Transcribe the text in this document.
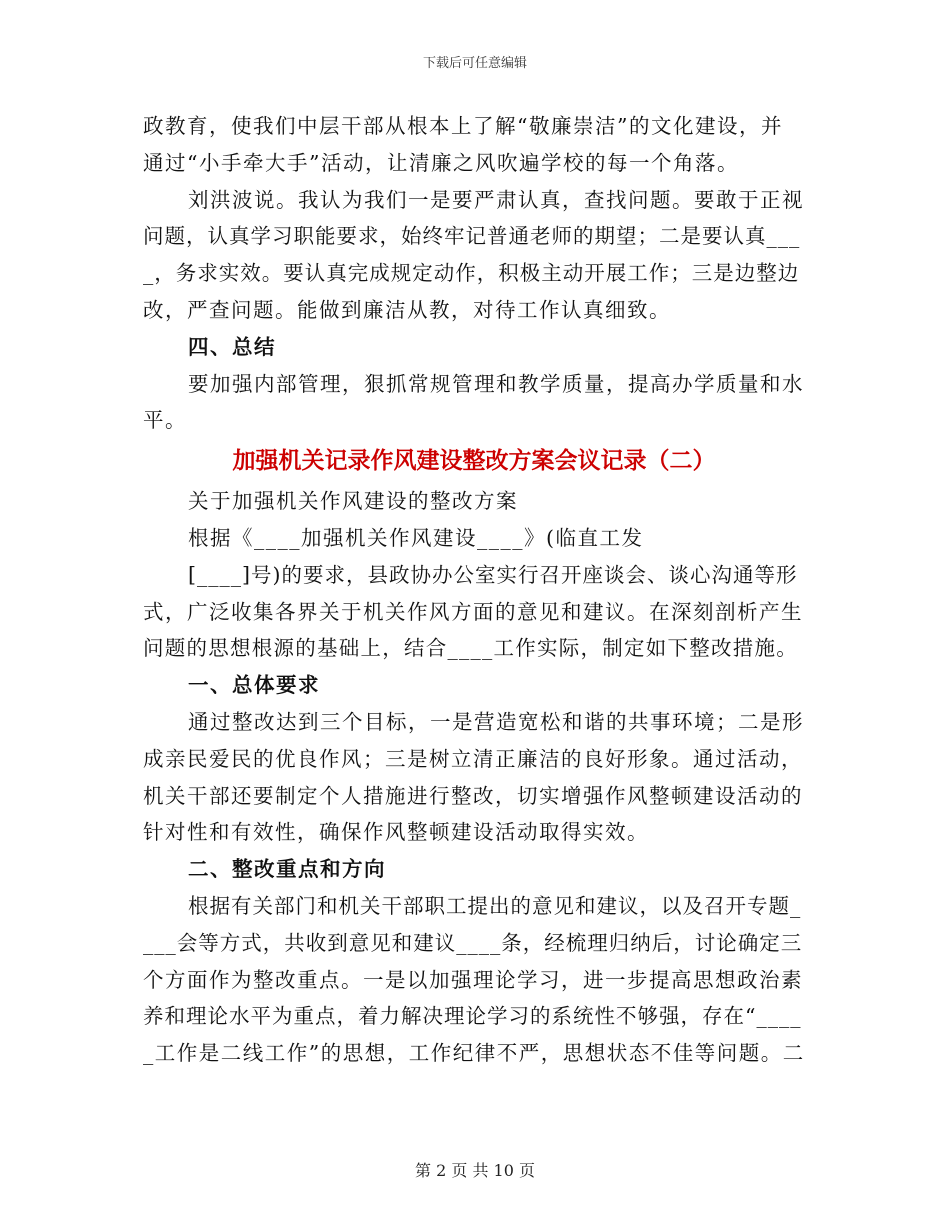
下载后可任意编辑
政教育，使我们中层干部从根本上了解“敬廉崇洁”的文化建设，并
通过“小手牵大手”活动，让清廉之风吹遍学校的每一个角落。
刘洪波说。我认为我们一是要严肃认真，查找问题。要敢于正视
问题，认真学习职能要求，始终牢记普通老师的期望；二是要认真___
_，务求实效。要认真完成规定动作，积极主动开展工作；三是边整边
改，严查问题。能做到廉洁从教，对待工作认真细致。
四、总结
要加强内部管理，狠抓常规管理和教学质量，提高办学质量和水
平。
加强机关记录作风建设整改方案会议记录（二）
关于加强机关作风建设的整改方案
根据《____加强机关作风建设____》(临直工发
[____]号)的要求，县政协办公室实行召开座谈会、谈心沟通等形
式，广泛收集各界关于机关作风方面的意见和建议。在深刻剖析产生
问题的思想根源的基础上，结合____工作实际，制定如下整改措施。
一、总体要求
通过整改达到三个目标，一是营造宽松和谐的共事环境；二是形
成亲民爱民的优良作风；三是树立清正廉洁的良好形象。通过活动，
机关干部还要制定个人措施进行整改，切实增强作风整顿建设活动的
针对性和有效性，确保作风整顿建设活动取得实效。
二、整改重点和方向
根据有关部门和机关干部职工提出的意见和建议，以及召开专题_
___会等方式，共收到意见和建议____条，经梳理归纳后，讨论确定三
个方面作为整改重点。一是以加强理论学习，进一步提高思想政治素
养和理论水平为重点，着力解决理论学习的系统性不够强，存在“____
_工作是二线工作”的思想，工作纪律不严，思想状态不佳等问题。二
第 2 页 共 10 页
